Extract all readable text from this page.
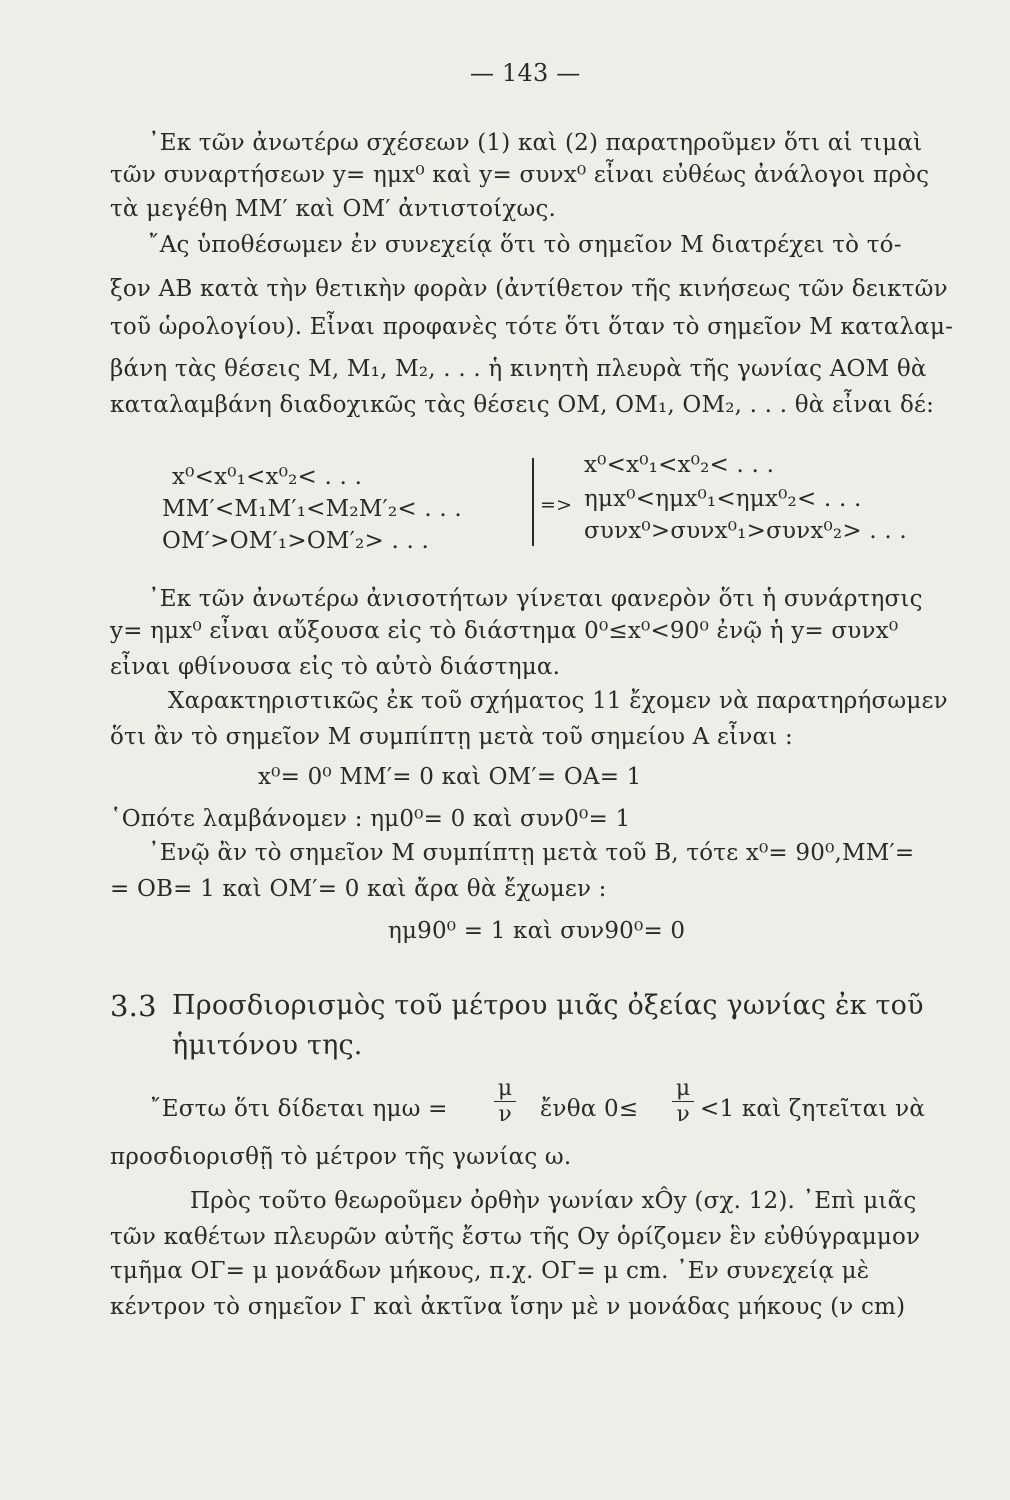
— 143 —
᾿Εκ τῶν ἀνωτέρω σχέσεων (1) καὶ (2) παρατηροῦμεν ὅτι αἱ τιμαὶ
τῶν συναρτήσεων y= ημx⁰ καὶ y= συνx⁰ εἶναι εὐθέως ἀνάλογοι πρὸς
τὰ μεγέθη ΜΜ′ καὶ ΟΜ′ ἀντιστοίχως.
῎Ας ὑποθέσωμεν ἐν συνεχείᾳ ὅτι τὸ σημεῖον Μ διατρέχει τὸ τό-
ξον ΑΒ κατὰ τὴν θετικὴν φορὰν (ἀντίθετον τῆς κινήσεως τῶν δεικτῶν
τοῦ ὡρολογίου). Εἶναι προφανὲς τότε ὅτι ὅταν τὸ σημεῖον Μ καταλαμ-
βάνη τὰς θέσεις Μ, Μ₁, Μ₂, . . . ἡ κινητὴ πλευρὰ τῆς γωνίας ΑΟΜ θὰ
καταλαμβάνη διαδοχικῶς τὰς θέσεις ΟΜ, ΟΜ₁, ΟΜ₂, . . . θὰ εἶναι δέ:
x⁰<x⁰₁<x⁰₂< . . .
ΜΜ′<Μ₁Μ′₁<Μ₂Μ′₂< . . .
ΟΜ′>ΟΜ′₁>ΟΜ′₂> . . .
=>
x⁰<x⁰₁<x⁰₂< . . .
ημx⁰<ημx⁰₁<ημx⁰₂< . . .
συνx⁰>συνx⁰₁>συνx⁰₂> . . .
᾿Εκ τῶν ἀνωτέρω ἀνισοτήτων γίνεται φανερὸν ὅτι ἡ συνάρτησις
y= ημx⁰ εἶναι αὔξουσα εἰς τὸ διάστημα 0⁰≤x⁰<90⁰ ἐνῷ ἡ y= συνx⁰
εἶναι φθίνουσα εἰς τὸ αὐτὸ διάστημα.
Χαρακτηριστικῶς ἐκ τοῦ σχήματος 11 ἔχομεν νὰ παρατηρήσωμεν
ὅτι ἂν τὸ σημεῖον Μ συμπίπτῃ μετὰ τοῦ σημείου Α εἶναι :
x⁰= 0⁰ ΜΜ′= 0 καὶ ΟΜ′= ΟΑ= 1
῾Οπότε λαμβάνομεν : ημ0⁰= 0 καὶ συν0⁰= 1
᾿Ενῷ ἂν τὸ σημεῖον Μ συμπίπτῃ μετὰ τοῦ Β, τότε x⁰= 90⁰,ΜΜ′=
= ΟΒ= 1 καὶ ΟΜ′= 0 καὶ ἄρα θὰ ἔχωμεν :
ημ90⁰ = 1 καὶ συν90⁰= 0
3.3 Προσδιορισμὸς τοῦ μέτρου μιᾶς ὀξείας γωνίας ἐκ τοῦ
ἡμιτόνου της.
῎Εστω ὅτι δίδεται $\eta\mu\omega = \frac{\mu}{\nu}$ ἔνθα $0\le \frac{\mu}{\nu} <1$ καὶ ζητεῖται νὰ
προσδιορισθῇ τὸ μέτρον τῆς γωνίας ω.
Πρὸς τοῦτο θεωροῦμεν ὀρθὴν γωνίαν xÔy (σχ. 12). ᾿Επὶ μιᾶς
τῶν καθέτων πλευρῶν αὐτῆς ἔστω τῆς Oy ὁρίζομεν ἓν εὐθύγραμμον
τμῆμα ΟΓ= μ μονάδων μήκους, π.χ. ΟΓ= μ cm. ᾿Εν συνεχείᾳ μὲ
κέντρον τὸ σημεῖον Γ καὶ ἀκτῖνα ἴσην μὲ ν μονάδας μήκους (ν cm)
